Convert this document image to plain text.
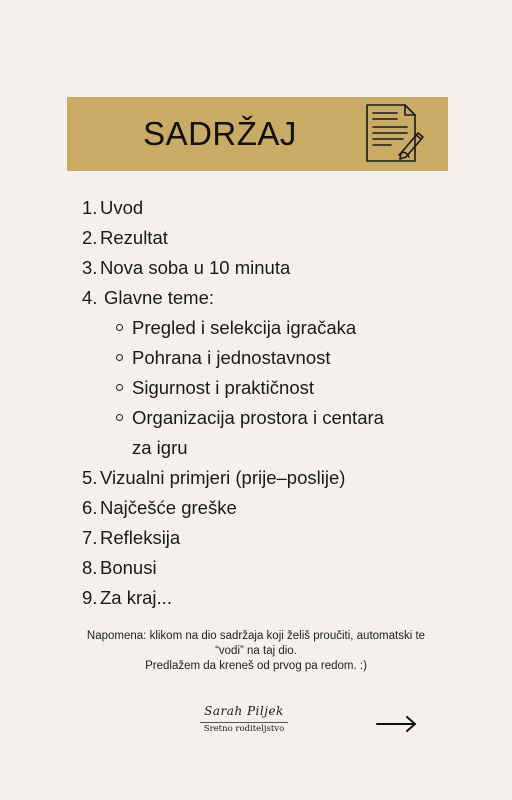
SADRŽAJ
1. Uvod
2. Rezultat
3. Nova soba u 10 minuta
4. Glavne teme:
Pregled i selekcija igračaka
Pohrana i jednostavnost
Sigurnost i praktičnost
Organizacija prostora i centara
za igru
5. Vizualni primjeri (prije–poslije)
6. Najčešće greške
7. Refleksija
8. Bonusi
9. Za kraj...
Napomena: klikom na dio sadržaja koji želiš proučiti, automatski te
“vodi” na taj dio.
Predlažem da kreneš od prvog pa redom. :)
Sarah Piljek
Sretno roditeljstvo
